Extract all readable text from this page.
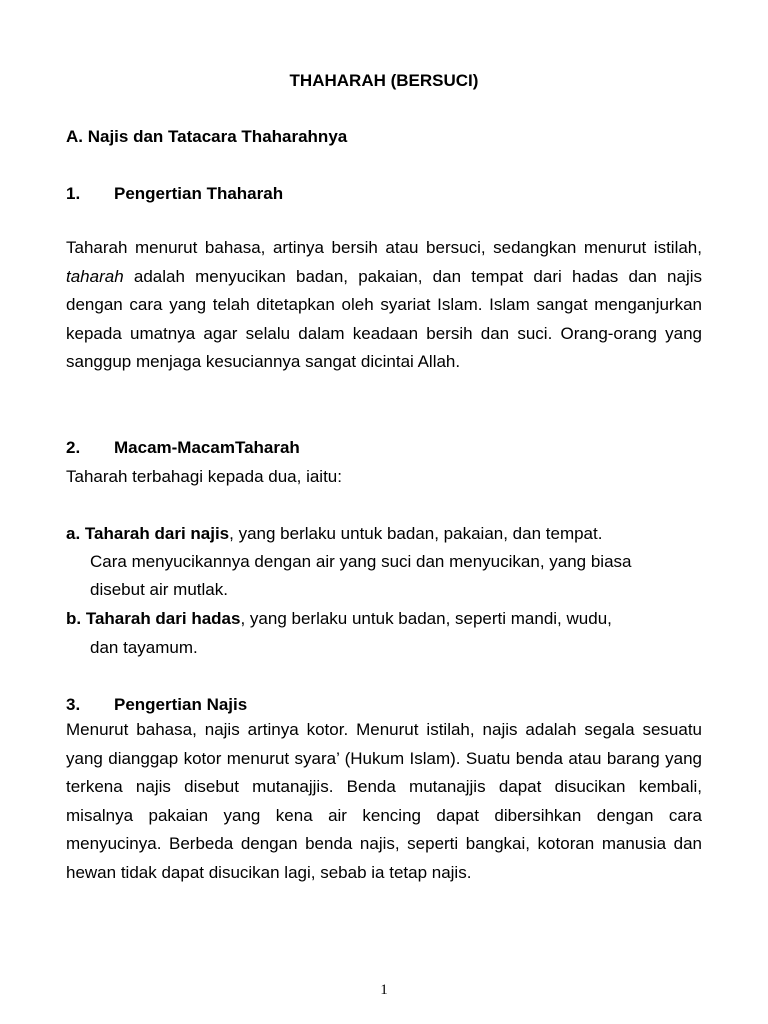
THAHARAH (BERSUCI)
A. Najis dan Tatacara Thaharahnya
1. Pengertian Thaharah
Taharah menurut bahasa, artinya bersih atau bersuci, sedangkan menurut istilah, taharah adalah menyucikan badan, pakaian, dan tempat dari hadas dan najis dengan cara yang telah ditetapkan oleh syariat Islam. Islam sangat menganjurkan kepada umatnya agar selalu dalam keadaan bersih dan suci. Orang-orang yang sanggup menjaga kesuciannya sangat dicintai Allah.
2. Macam-MacamTaharah
Taharah terbahagi kepada dua, iaitu:
a. Taharah dari najis, yang berlaku untuk badan, pakaian, dan tempat.
Cara menyucikannya dengan air yang suci dan menyucikan, yang biasa
disebut air mutlak.
b. Taharah dari hadas, yang berlaku untuk badan, seperti mandi, wudu,
dan tayamum.
3. Pengertian Najis
Menurut bahasa, najis artinya kotor. Menurut istilah, najis adalah segala sesuatu yang dianggap kotor menurut syara’ (Hukum Islam). Suatu benda atau barang yang terkena najis disebut mutanajjis. Benda mutanajjis dapat disucikan kembali, misalnya pakaian yang kena air kencing dapat dibersihkan dengan cara menyucinya. Berbeda dengan benda najis, seperti bangkai, kotoran manusia dan hewan tidak dapat disucikan lagi, sebab ia tetap najis.
1
